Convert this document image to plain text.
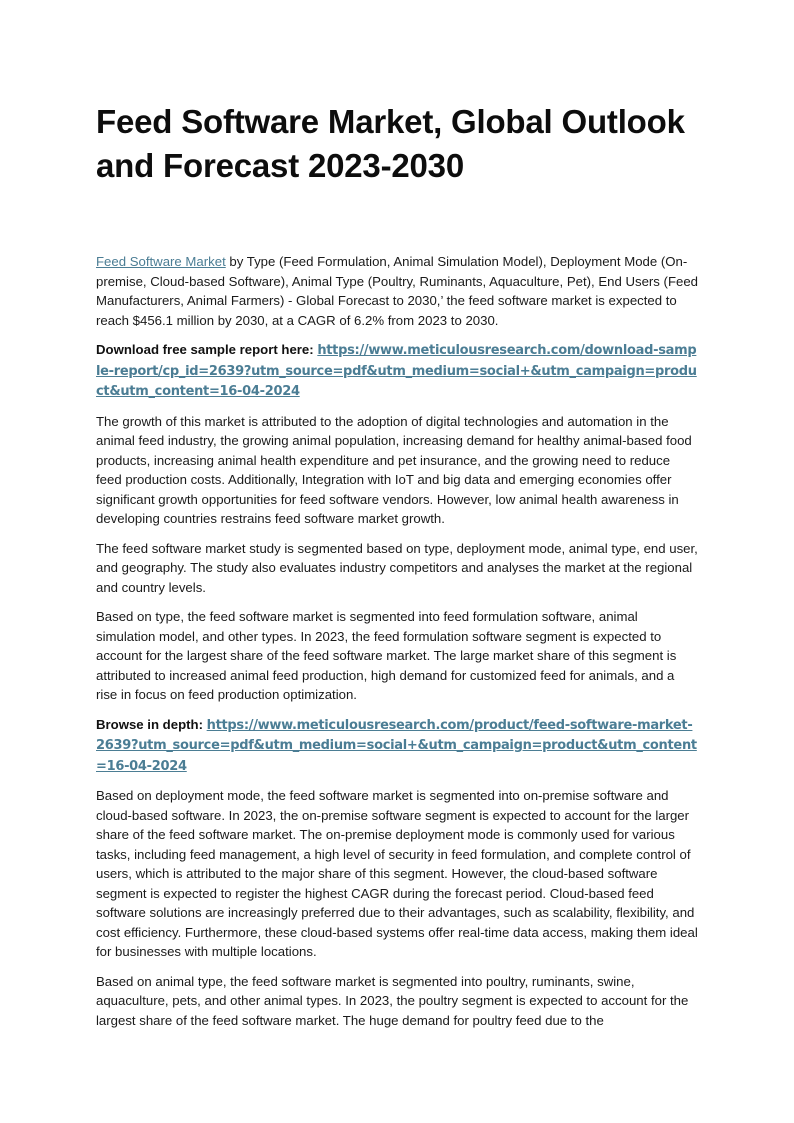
Feed Software Market, Global Outlook and Forecast 2023-2030

Feed Software Market by Type (Feed Formulation, Animal Simulation Model), Deployment Mode (On-premise, Cloud-based Software), Animal Type (Poultry, Ruminants, Aquaculture, Pet), End Users (Feed Manufacturers, Animal Farmers) - Global Forecast to 2030,’ the feed software market is expected to reach $456.1 million by 2030, at a CAGR of 6.2% from 2023 to 2030.

Download free sample report here: https://www.meticulousresearch.com/download-sample-report/cp_id=2639?utm_source=pdf&utm_medium=social+&utm_campaign=product&utm_content=16-04-2024

The growth of this market is attributed to the adoption of digital technologies and automation in the animal feed industry, the growing animal population, increasing demand for healthy animal-based food products, increasing animal health expenditure and pet insurance, and the growing need to reduce feed production costs. Additionally, Integration with IoT and big data and emerging economies offer significant growth opportunities for feed software vendors. However, low animal health awareness in developing countries restrains feed software market growth.

The feed software market study is segmented based on type, deployment mode, animal type, end user, and geography. The study also evaluates industry competitors and analyses the market at the regional and country levels.

Based on type, the feed software market is segmented into feed formulation software, animal simulation model, and other types. In 2023, the feed formulation software segment is expected to account for the largest share of the feed software market. The large market share of this segment is attributed to increased animal feed production, high demand for customized feed for animals, and a rise in focus on feed production optimization.

Browse in depth: https://www.meticulousresearch.com/product/feed-software-market-2639?utm_source=pdf&utm_medium=social+&utm_campaign=product&utm_content=16-04-2024

Based on deployment mode, the feed software market is segmented into on-premise software and cloud-based software. In 2023, the on-premise software segment is expected to account for the larger share of the feed software market. The on-premise deployment mode is commonly used for various tasks, including feed management, a high level of security in feed formulation, and complete control of users, which is attributed to the major share of this segment. However, the cloud-based software segment is expected to register the highest CAGR during the forecast period. Cloud-based feed software solutions are increasingly preferred due to their advantages, such as scalability, flexibility, and cost efficiency. Furthermore, these cloud-based systems offer real-time data access, making them ideal for businesses with multiple locations.

Based on animal type, the feed software market is segmented into poultry, ruminants, swine, aquaculture, pets, and other animal types. In 2023, the poultry segment is expected to account for the largest share of the feed software market. The huge demand for poultry feed due to the
